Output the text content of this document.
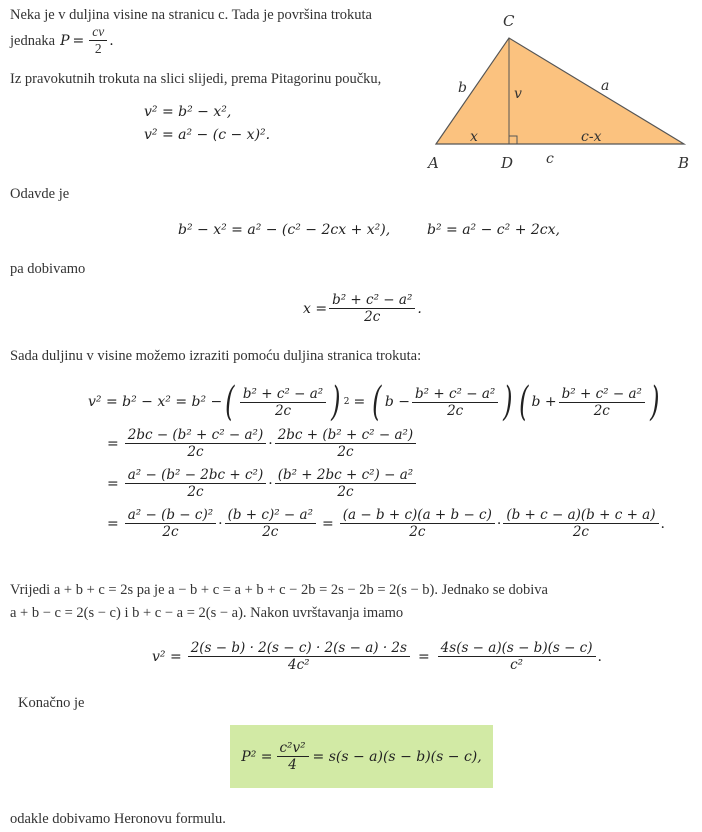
Neka je v duljina visine na stranicu c. Tada je površina trokuta
jednaka $P = \frac{cv}{2}$ .
Iz pravokutnih trokuta na slici slijedi, prema Pitagorinu poučku,
v² = b² − x²,
v² = a² − (c − x)².
C
A	D	B
b	a
v
x	c-x
c
Odavde je
b² − x² = a² − (c² − 2cx + x²),	b² = a² − c² + 2cx,
pa dobivamo
$x = \frac{\text{b² + c² − a²}}{2c}$ .
Sada duljinu v visine možemo izraziti pomoću duljina stranica trokuta:
v² = b² − x² = b² − ( $\frac{\text{b² + c² − a²}}{2c}$ ) 2 = ( $b - \frac{\text{b² + c² − a²}}{2c}$ ) ( $b + \frac{\text{b² + c² − a²}}{2c}$ )
= $\frac{\text{2bc − (b² + c² − a²)}}{2c} \cdot \frac{\text{2bc + (b² + c² − a²)}}{2c}$
= $\frac{\text{a² − (b² − 2bc + c²)}}{2c} \cdot \frac{\text{(b² + 2bc + c²) − a²}}{2c}$
= $\frac{\text{a² − (b − c)²}}{2c} \cdot \frac{\text{(b + c)² − a²}}{2c} = \frac{(a - b + c)(a + b - c)}{2c} \cdot \frac{(b + c - a)(b + c + a)}{2c}$ .
Vrijedi a + b + c = 2s pa je a − b + c = a + b + c − 2b = 2s − 2b = 2(s − b). Jednako se dobiva
a + b − c = 2(s − c) i b + c − a = 2(s − a). Nakon uvrštavanja imamo
$v^2 = \frac{2(s - b) \cdot 2(s - c) \cdot 2(s - a) \cdot 2s}{\text{4c²}} = \frac{4s(s - a)(s - b)(s - c)}{\text{c²}}$ .
Konačno je
$P^2 = \frac{\text{c²v²}}{4} = s(s - a)(s - b)(s - c)$,
odakle dobivamo Heronovu formulu.
